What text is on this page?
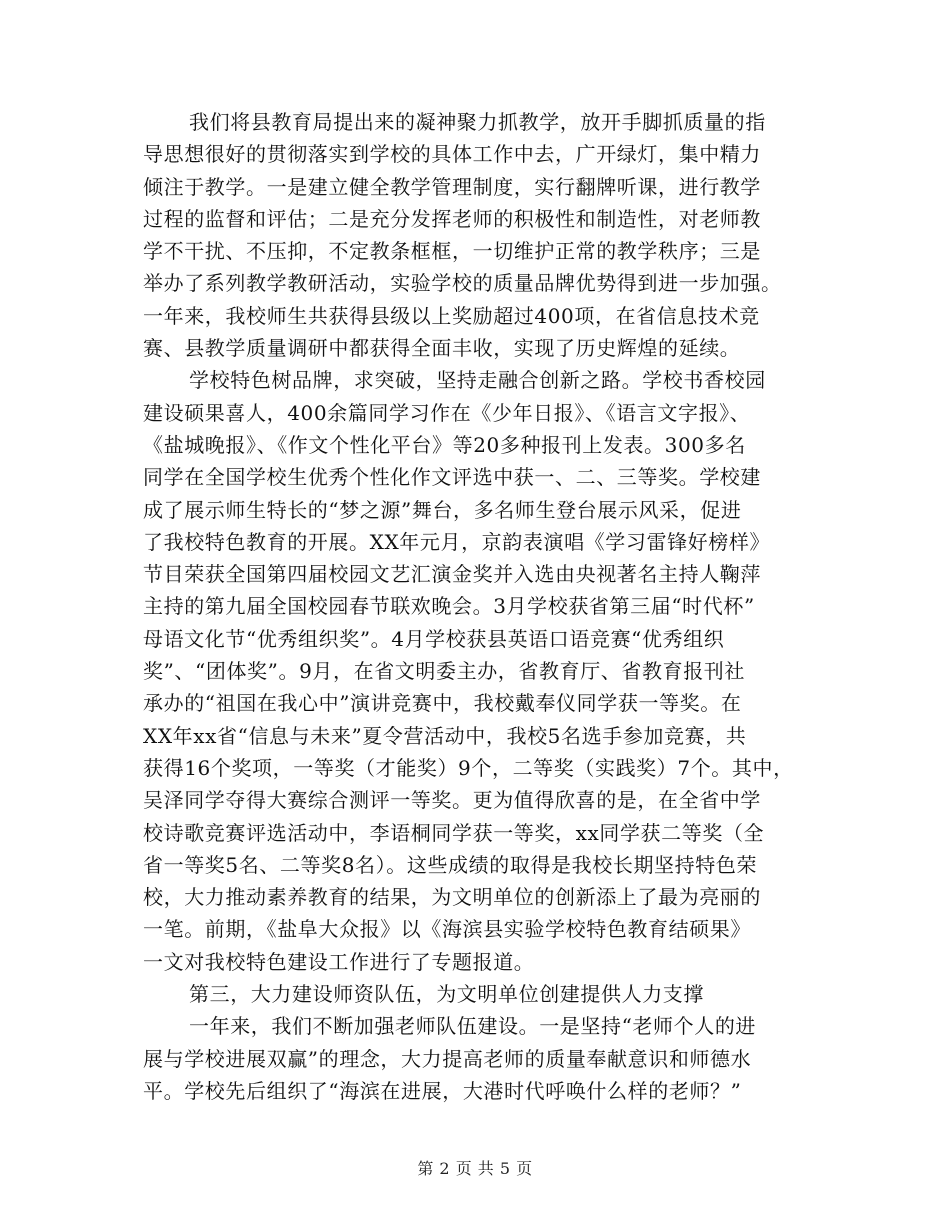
我们将县教育局提出来的凝神聚力抓教学，放开手脚抓质量的指
导思想很好的贯彻落实到学校的具体工作中去，广开绿灯，集中精力
倾注于教学。一是建立健全教学管理制度，实行翻牌听课，进行教学
过程的监督和评估；二是充分发挥老师的积极性和制造性，对老师教
学不干扰、不压抑，不定教条框框，一切维护正常的教学秩序；三是
举办了系列教学教研活动，实验学校的质量品牌优势得到进一步加强。
一年来，我校师生共获得县级以上奖励超过400项，在省信息技术竞
赛、县教学质量调研中都获得全面丰收，实现了历史辉煌的延续。
学校特色树品牌，求突破，坚持走融合创新之路。学校书香校园
建设硕果喜人，400余篇同学习作在《少年日报》、《语言文字报》、
《盐城晚报》、《作文个性化平台》等20多种报刊上发表。300多名
同学在全国学校生优秀个性化作文评选中获一、二、三等奖。学校建
成了展示师生特长的“梦之源”舞台，多名师生登台展示风采，促进
了我校特色教育的开展。XX年元月，京韵表演唱《学习雷锋好榜样》
节目荣获全国第四届校园文艺汇演金奖并入选由央视著名主持人鞠萍
主持的第九届全国校园春节联欢晚会。3月学校获省第三届“时代杯”
母语文化节“优秀组织奖”。4月学校获县英语口语竞赛“优秀组织
奖”、“团体奖”。9月，在省文明委主办，省教育厅、省教育报刊社
承办的“祖国在我心中”演讲竞赛中，我校戴奉仪同学获一等奖。在
XX年xx省“信息与未来”夏令营活动中，我校5名选手参加竞赛，共
获得16个奖项，一等奖（才能奖）9个，二等奖（实践奖）7个。其中，
吴泽同学夺得大赛综合测评一等奖。更为值得欣喜的是，在全省中学
校诗歌竞赛评选活动中，李语桐同学获一等奖，xx同学获二等奖（全
省一等奖5名、二等奖8名）。这些成绩的取得是我校长期坚持特色荣
校，大力推动素养教育的结果，为文明单位的创新添上了最为亮丽的
一笔。前期，《盐阜大众报》以《海滨县实验学校特色教育结硕果》
一文对我校特色建设工作进行了专题报道。
第三，大力建设师资队伍，为文明单位创建提供人力支撑
一年来，我们不断加强老师队伍建设。一是坚持“老师个人的进
展与学校进展双赢”的理念，大力提高老师的质量奉献意识和师德水
平。学校先后组织了“海滨在进展，大港时代呼唤什么样的老师？”
第 2 页 共 5 页
